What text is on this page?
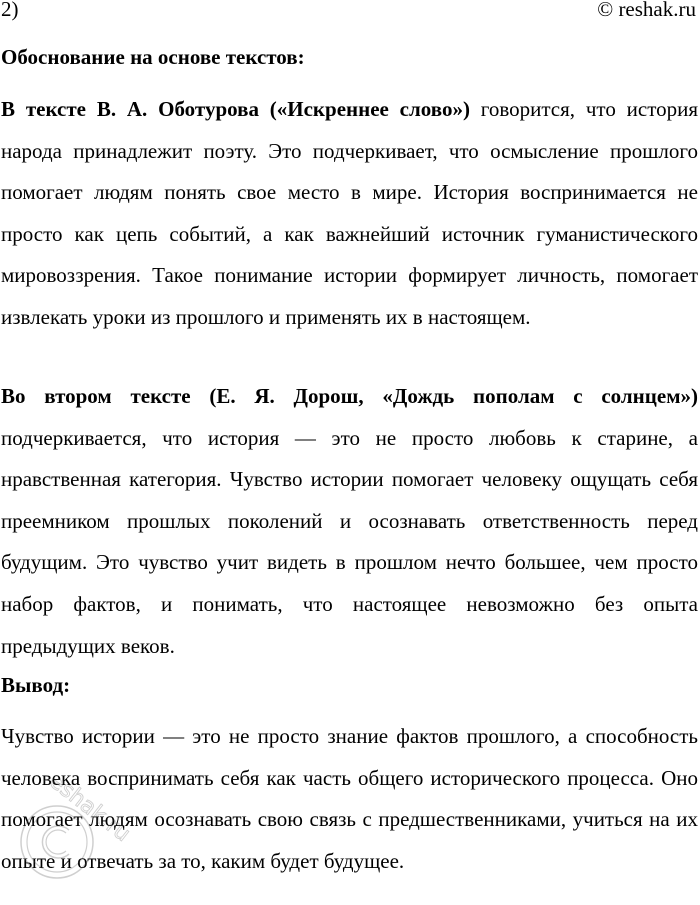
2)	© reshak.ru
Обоснование на основе текстов:

В тексте В. А. Оботурова («Искреннее слово») говорится, что история народа принадлежит поэту. Это подчеркивает, что осмысление прошлого помогает людям понять свое место в мире. История воспринимается не просто как цепь событий, а как важнейший источник гуманистического мировоззрения. Такое понимание истории формирует личность, помогает извлекать уроки из прошлого и применять их в настоящем.

Во втором тексте (Е. Я. Дорош, «Дождь пополам с солнцем») подчеркивается, что история — это не просто любовь к старине, а нравственная категория. Чувство истории помогает человеку ощущать себя преемником прошлых поколений и осознавать ответственность перед будущим. Это чувство учит видеть в прошлом нечто большее, чем просто набор фактов, и понимать, что настоящее невозможно без опыта предыдущих веков.

Вывод:

Чувство истории — это не просто знание фактов прошлого, а способность человека воспринимать себя как часть общего исторического процесса. Оно помогает людям осознавать свою связь с предшественниками, учиться на их опыте и отвечать за то, каким будет будущее.

reshak.ru
